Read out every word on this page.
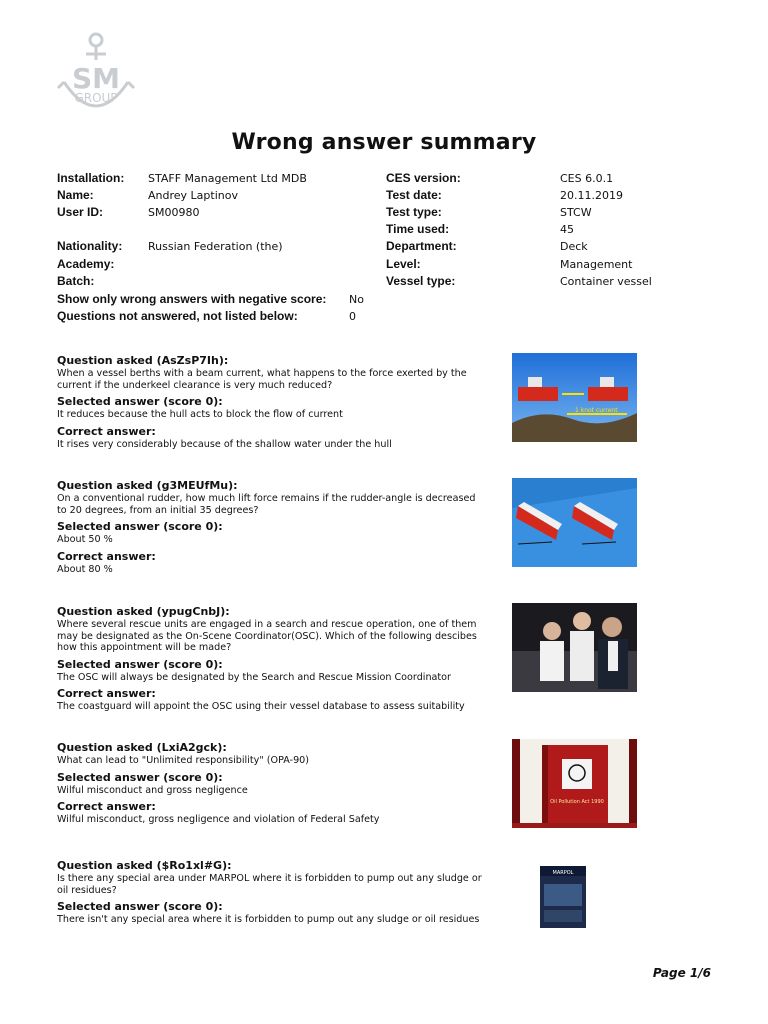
SM
GROUP
Wrong answer summary
Installation: STAFF Management Ltd MDB
Name:	Andrey Laptinov
User ID:	SM00980
Nationality: Russian Federation (the)
Academy:
Batch:
Show only wrong answers with negative score: No
Questions not answered, not listed below:	0
CES version:	CES 6.0.1
Test date:	20.11.2019
Test type:	STCW
Time used:	45
Department:	Deck
Level:	Management
Vessel type:	Container vessel
Question asked (AsZsP7Ih):
When a vessel berths with a beam current, what happens to the force exerted by the current if the underkeel clearance is very much reduced?
Selected answer (score 0):
It reduces because the hull acts to block the flow of current
Correct answer:
It rises very considerably because of the shallow water under the hull
1 knot current
Question asked (g3MEUfMu):
On a conventional rudder, how much lift force remains if the rudder-angle is decreased to 20 degrees, from an initial 35 degrees?
Selected answer (score 0):
About 50 %
Correct answer:
About 80 %
Question asked (ypugCnbJ):
Where several rescue units are engaged in a search and rescue operation, one of them may be designated as the On-Scene Coordinator(OSC). Which of the following descibes how this appointment will be made?
Selected answer (score 0):
The OSC will always be designated by the Search and Rescue Mission Coordinator
Correct answer:
The coastguard will appoint the OSC using their vessel database to assess suitability
Question asked (LxiA2gck):
What can lead to "Unlimited responsibility" (OPA-90)
Selected answer (score 0):
Wilful misconduct and gross negligence
Correct answer:
Wilful misconduct, gross negligence and violation of Federal Safety
Oil Pollution Act 1990
Question asked ($Ro1xl#G):
Is there any special area under MARPOL where it is forbidden to pump out any sludge or oil residues?
Selected answer (score 0):
There isn't any special area where it is forbidden to pump out any sludge or oil residues
MARPOL
Page 1/6
